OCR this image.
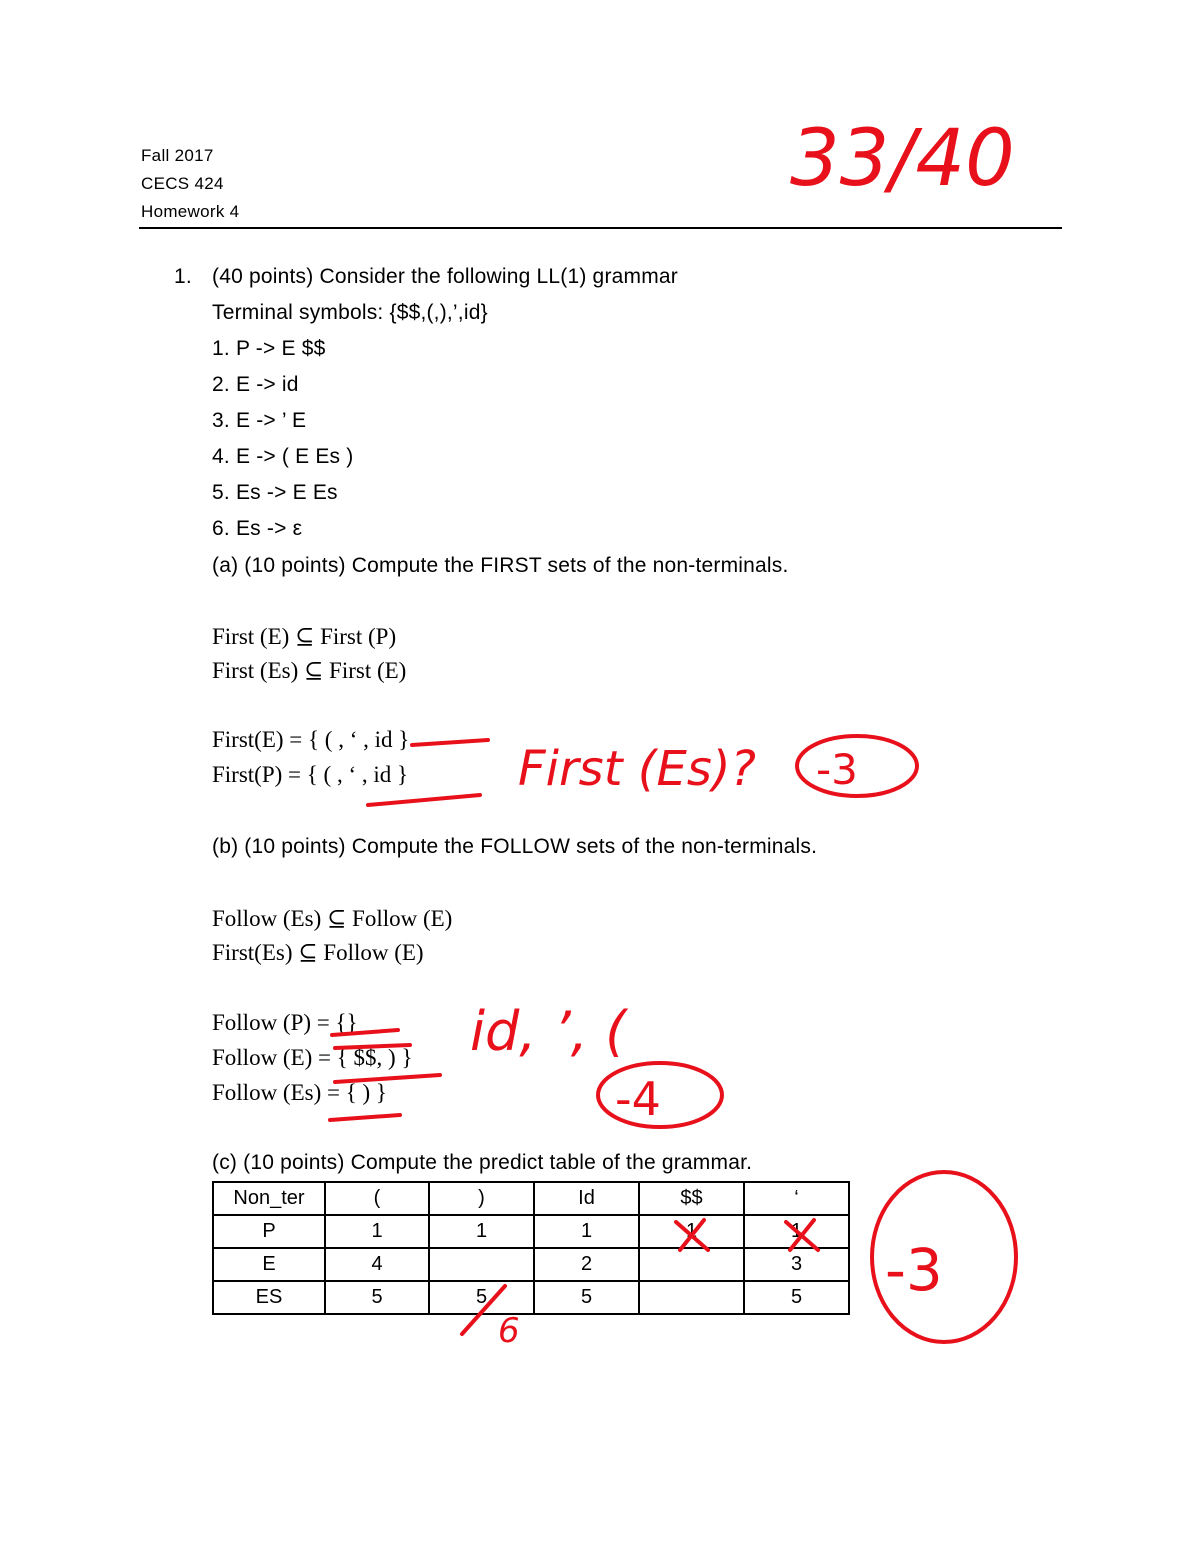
Fall 2017
CECS 424
Homework 4
1. (40 points) Consider the following LL(1) grammar
Terminal symbols: {$$,(,),’,id}
1. P -> E $$
2. E -> id
3. E -> ’ E
4. E -> ( E Es )
5. Es -> E Es
6. Es -> ε
(a) (10 points) Compute the FIRST sets of the non-terminals.
First (E) ⊆ First (P)
First (Es) ⊆ First (E)
First(E) = { ( , ‘ , id }
First(P) = { ( , ‘ , id }
(b) (10 points) Compute the FOLLOW sets of the non-terminals.
Follow (Es) ⊆ Follow (E)
First(Es) ⊆ Follow (E)
Follow (P) = {}
Follow (E) = { $$, ) }
Follow (Es) = { ) }
(c) (10 points) Compute the predict table of the grammar.
Non_ter	(	)	Id	$$	‘
P	1	1	1	1	1
E	4		2		3
ES	5	5	5		5
33/40
First (Es)? -3
id, ’, (
-4
6
-3
